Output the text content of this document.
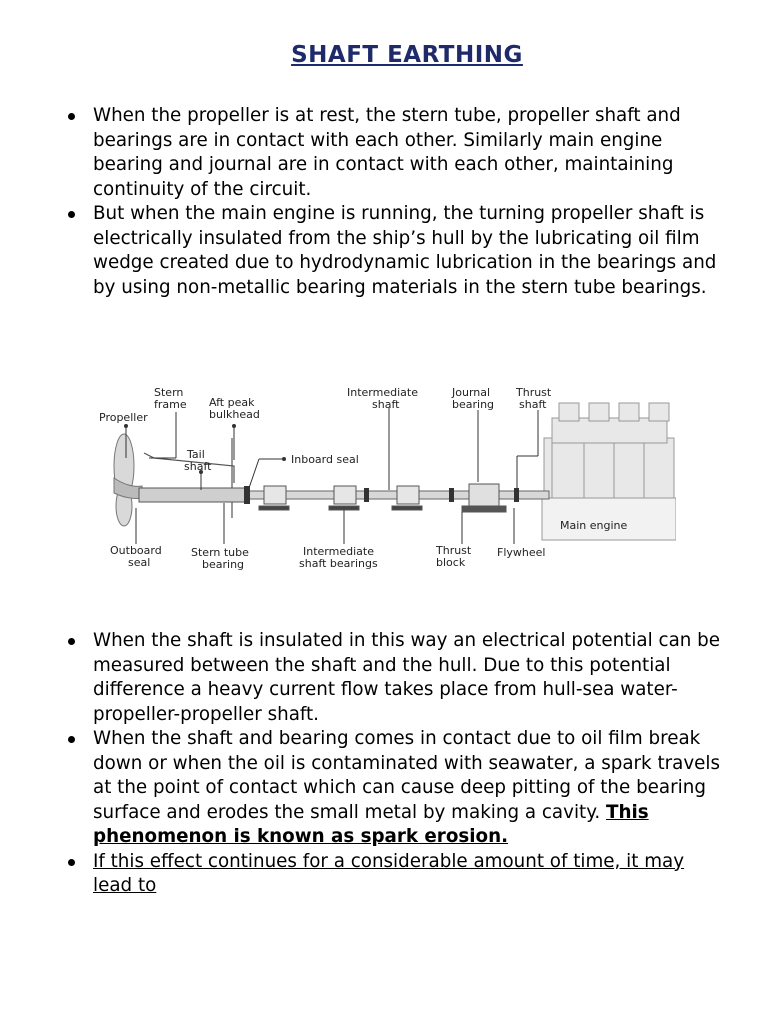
SHAFT EARTHING
When the propeller is at rest, the stern tube, propeller shaft and bearings are in contact with each other. Similarly main engine bearing and journal are in contact with each other, maintaining continuity of the circuit.
But when the main engine is running, the turning propeller shaft is electrically insulated from the ship’s hull by the lubricating oil film wedge created due to hydrodynamic lubrication in the bearings and by using non-metallic bearing materials in the stern tube bearings.
Stern
frame Aft peak
bulkhead
Propeller
Tail
shaft
Inboard seal
Intermediate
shaft
Journal
bearing
Thrust
shaft
Main engine
Outboard
seal
Stern tube
bearing
Intermediate
shaft bearings
Thrust
block
Flywheel
When the shaft is insulated in this way an electrical potential can be measured between the shaft and the hull. Due to this potential difference a heavy current flow takes place from hull-sea water-propeller-propeller shaft.
When the shaft and bearing comes in contact due to oil film break down or when the oil is contaminated with seawater, a spark travels at the point of contact which can cause deep pitting of the bearing surface and erodes the small metal by making a cavity. This phenomenon is known as spark erosion.
If this effect continues for a considerable amount of time, it may lead to
